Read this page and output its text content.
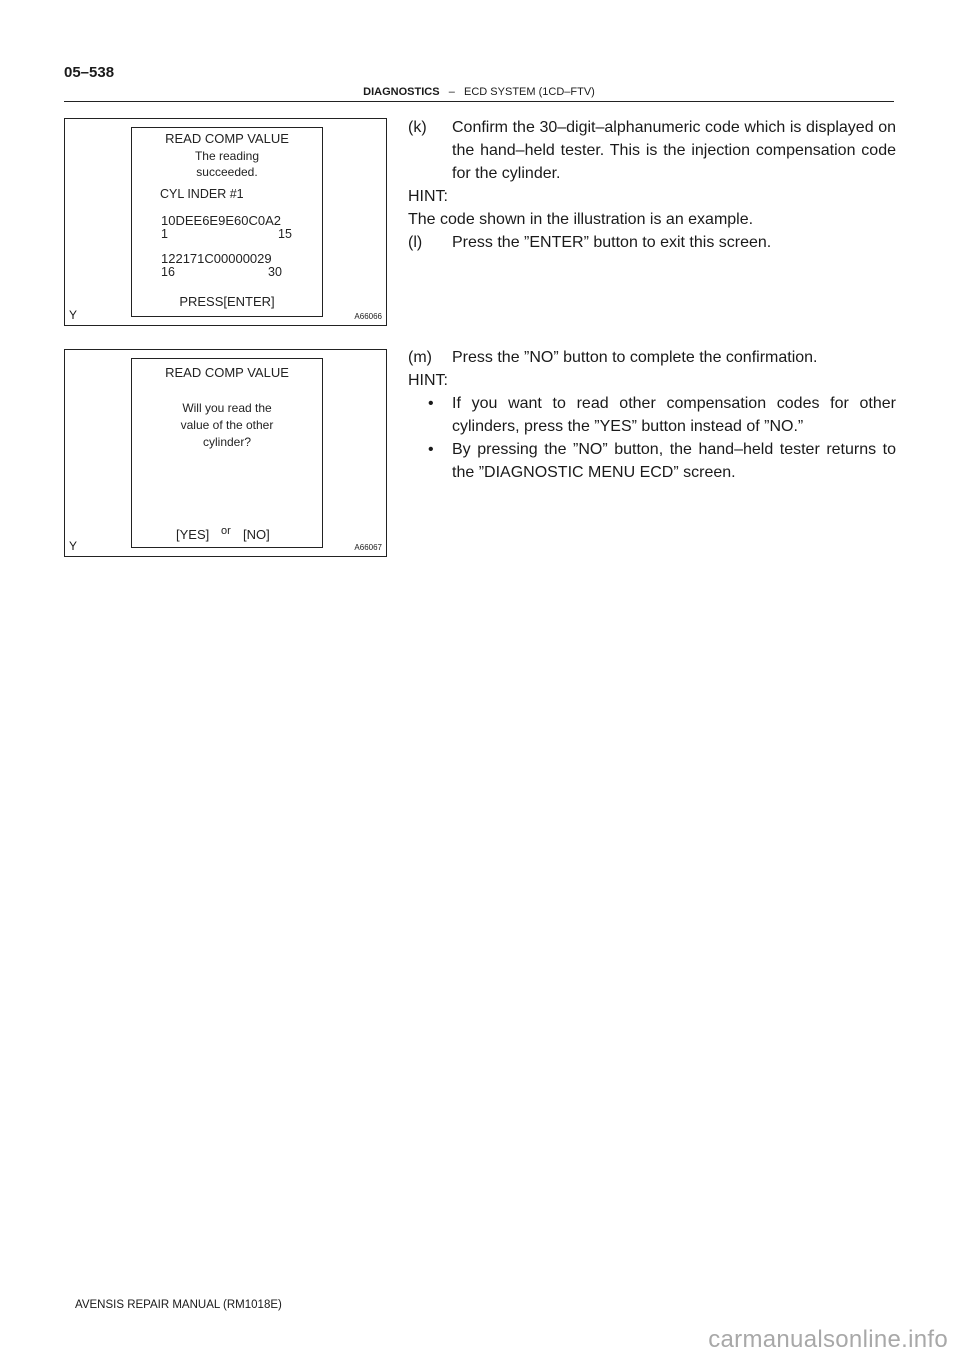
05–538
DIAGNOSTICS – ECD SYSTEM (1CD–FTV)
READ COMP VALUE
The reading
succeeded.
CYL INDER #1
10DEE6E9E60C0A2
1	15
122171C00000029
16	30
PRESS[ENTER]
Y	A66066
READ COMP VALUE
Will you read the
value of the other
cylinder?
[YES] or [NO]
Y	A66067
(k)	Confirm the 30–digit–alphanumeric code which is displayed on the hand–held tester. This is the injection compensation code for the cylinder.
HINT:
The code shown in the illustration is an example.
(l)	Press the ”ENTER” button to exit this screen.
(m)	Press the ”NO” button to complete the confirmation.
HINT:
•	If you want to read other compensation codes for other cylinders, press the ”YES” button instead of ”NO.”
•	By pressing the ”NO” button, the hand–held tester returns to the ”DIAGNOSTIC MENU ECD” screen.
AVENSIS REPAIR MANUAL (RM1018E)
carmanualsonline.info
